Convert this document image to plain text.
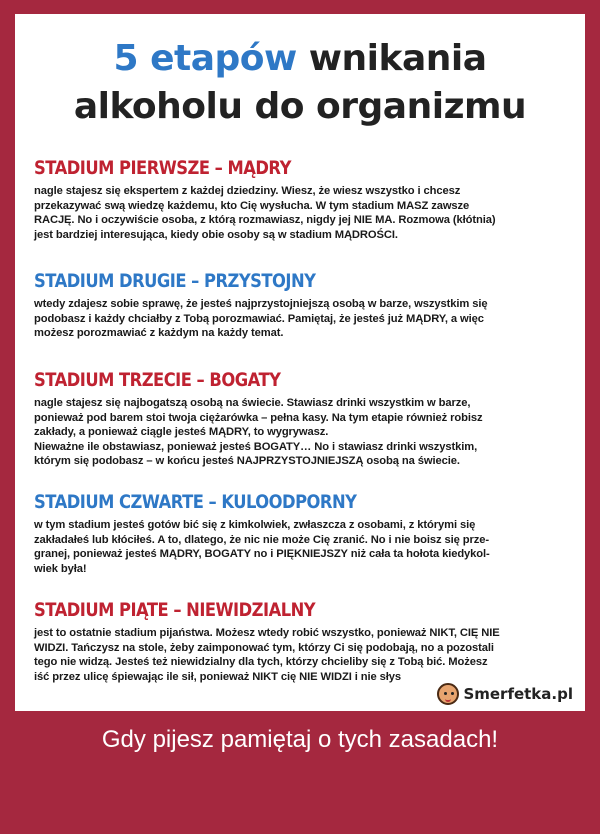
5 etapów wnikania
alkoholu do organizmu
STADIUM PIERWSZE – MĄDRY

nagle stajesz się ekspertem z każdej dziedziny. Wiesz, że wiesz wszystko i chcesz
przekazywać swą wiedzę każdemu, kto Cię wysłucha. W tym stadium MASZ zawsze
RACJĘ. No i oczywiście osoba, z którą rozmawiasz, nigdy jej NIE MA. Rozmowa (kłótnia)
jest bardziej interesująca, kiedy obie osoby są w stadium MĄDROŚCI.

STADIUM DRUGIE – PRZYSTOJNY

wtedy zdajesz sobie sprawę, że jesteś najprzystojniejszą osobą w barze, wszystkim się
podobasz i każdy chciałby z Tobą porozmawiać. Pamiętaj, że jesteś już MĄDRY, a więc
możesz porozmawiać z każdym na każdy temat.

STADIUM TRZECIE – BOGATY

nagle stajesz się najbogatszą osobą na świecie. Stawiasz drinki wszystkim w barze,
ponieważ pod barem stoi twoja ciężarówka – pełna kasy. Na tym etapie również robisz
zakłady, a ponieważ ciągle jesteś MĄDRY, to wygrywasz.
Nieważne ile obstawiasz, ponieważ jesteś BOGATY… No i stawiasz drinki wszystkim,
którym się podobasz – w końcu jesteś NAJPRZYSTOJNIEJSZĄ osobą na świecie.

STADIUM CZWARTE – KULOODPORNY

w tym stadium jesteś gotów bić się z kimkolwiek, zwłaszcza z osobami, z którymi się
zakładałeś lub kłóciłeś. A to, dlatego, że nic nie może Cię zranić. No i nie boisz się prze-
granej, ponieważ jesteś MĄDRY, BOGATY no i PIĘKNIEJSZY niż cała ta hołota kiedykol-
wiek była!

STADIUM PIĄTE – NIEWIDZIALNY

jest to ostatnie stadium pijaństwa. Możesz wtedy robić wszystko, ponieważ NIKT, CIĘ NIE
WIDZI. Tańczysz na stole, żeby zaimponować tym, którzy Ci się podobają, no a pozostali
tego nie widzą. Jesteś też niewidzialny dla tych, którzy chcieliby się z Tobą bić. Możesz
iść przez ulicę śpiewając ile sił, ponieważ NIKT cię NIE WIDZI i nie słys

Smerfetka.pl
Gdy pijesz pamiętaj o tych zasadach!
